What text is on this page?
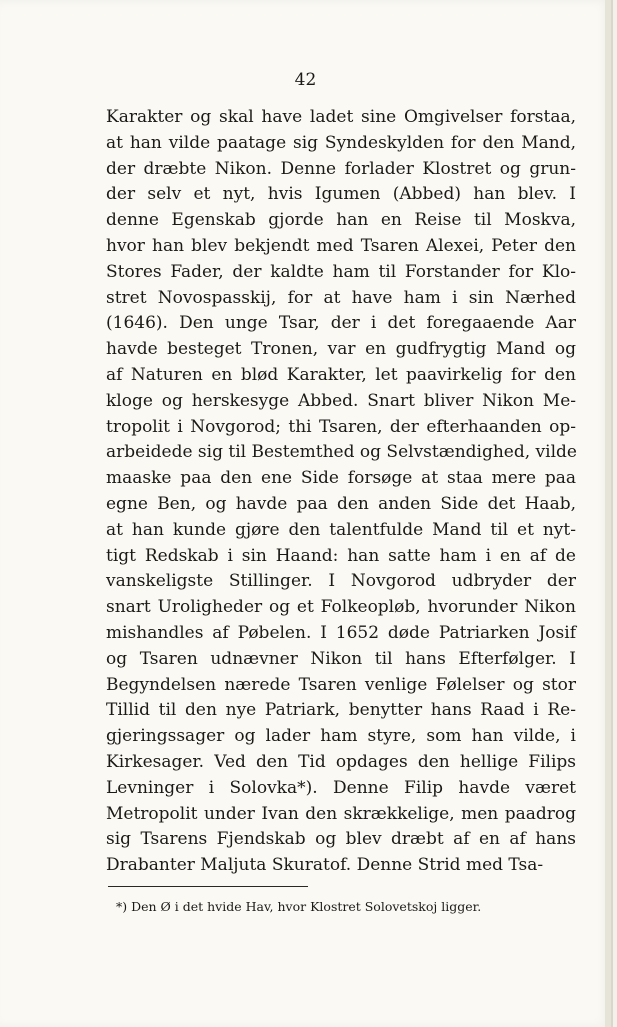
42
Karakter og skal have ladet sine Omgivelser forstaa,
at han vilde paatage sig Syndeskylden for den Mand,
der dræbte Nikon. Denne forlader Klostret og grun-
der selv et nyt, hvis Igumen (Abbed) han blev. I
denne Egenskab gjorde han en Reise til Moskva,
hvor han blev bekjendt med Tsaren Alexei, Peter den
Stores Fader, der kaldte ham til Forstander for Klo-
stret Novospasskij, for at have ham i sin Nærhed
(1646). Den unge Tsar, der i det foregaaende Aar
havde besteget Tronen, var en gudfrygtig Mand og
af Naturen en blød Karakter, let paavirkelig for den
kloge og herskesyge Abbed. Snart bliver Nikon Me-
tropolit i Novgorod; thi Tsaren, der efterhaanden op-
arbeidede sig til Bestemthed og Selvstændighed, vilde
maaske paa den ene Side forsøge at staa mere paa
egne Ben, og havde paa den anden Side det Haab,
at han kunde gjøre den talentfulde Mand til et nyt-
tigt Redskab i sin Haand: han satte ham i en af de
vanskeligste Stillinger. I Novgorod udbryder der
snart Uroligheder og et Folkeopløb, hvorunder Nikon
mishandles af Pøbelen. I 1652 døde Patriarken Josif
og Tsaren udnævner Nikon til hans Efterfølger. I
Begyndelsen nærede Tsaren venlige Følelser og stor
Tillid til den nye Patriark, benytter hans Raad i Re-
gjeringssager og lader ham styre, som han vilde, i
Kirkesager. Ved den Tid opdages den hellige Filips
Levninger i Solovka*). Denne Filip havde været
Metropolit under Ivan den skrækkelige, men paadrog
sig Tsarens Fjendskab og blev dræbt af en af hans
Drabanter Maljuta Skuratof. Denne Strid med Tsa-
*) Den Ø i det hvide Hav, hvor Klostret Solovetskoj ligger.
